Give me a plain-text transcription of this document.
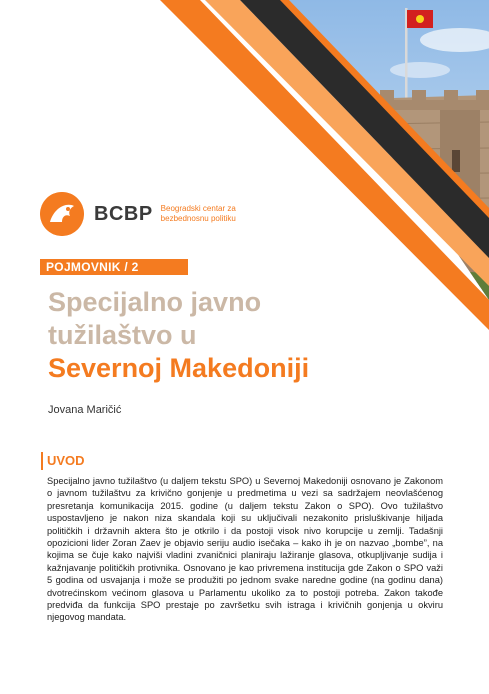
BCBP Beogradski centar za bezbednosnu politiku
POJMOVNIK / 2
Specijalno javno
tužilaštvo u
Severnoj Makedoniji
Jovana Maričić
UVOD

Specijalno javno tužilaštvo (u daljem tekstu SPO) u Severnoj Makedoniji osnovano je Zakonom o javnom tužilaštvu za krivično gonjenje u predmetima u vezi sa sadržajem neovlašćenog presretanja komunikacija 2015. godine (u daljem tekstu Zakon o SPO). Ovo tužilaštvo uspostavljeno je nakon niza skandala koji su uključivali nezakonito prisluškivanje hiljada političkih i državnih aktera što je otkrilo i da postoji visok nivo korupcije u zemlji. Tadašnji opozicioni lider Zoran Zaev je objavio seriju audio isečaka – kako ih je on nazvao „bombe”, na kojima se čuje kako najviši vladini zvaničnici planiraju lažiranje glasova, otkupljivanje sudija i kažnjavanje političkih protivnika. Osnovano je kao privremena institucija gde Zakon o SPO važi 5 godina od usvajanja i može se produžiti po jednom svake naredne godine (na godinu dana) dvotrećinskom većinom glasova u Parlamentu ukoliko za to postoji potreba. Zakon takođe predviđa da funkcija SPO prestaje po završetku svih istraga i krivičnih gonjenja u okviru njegovog mandata.
